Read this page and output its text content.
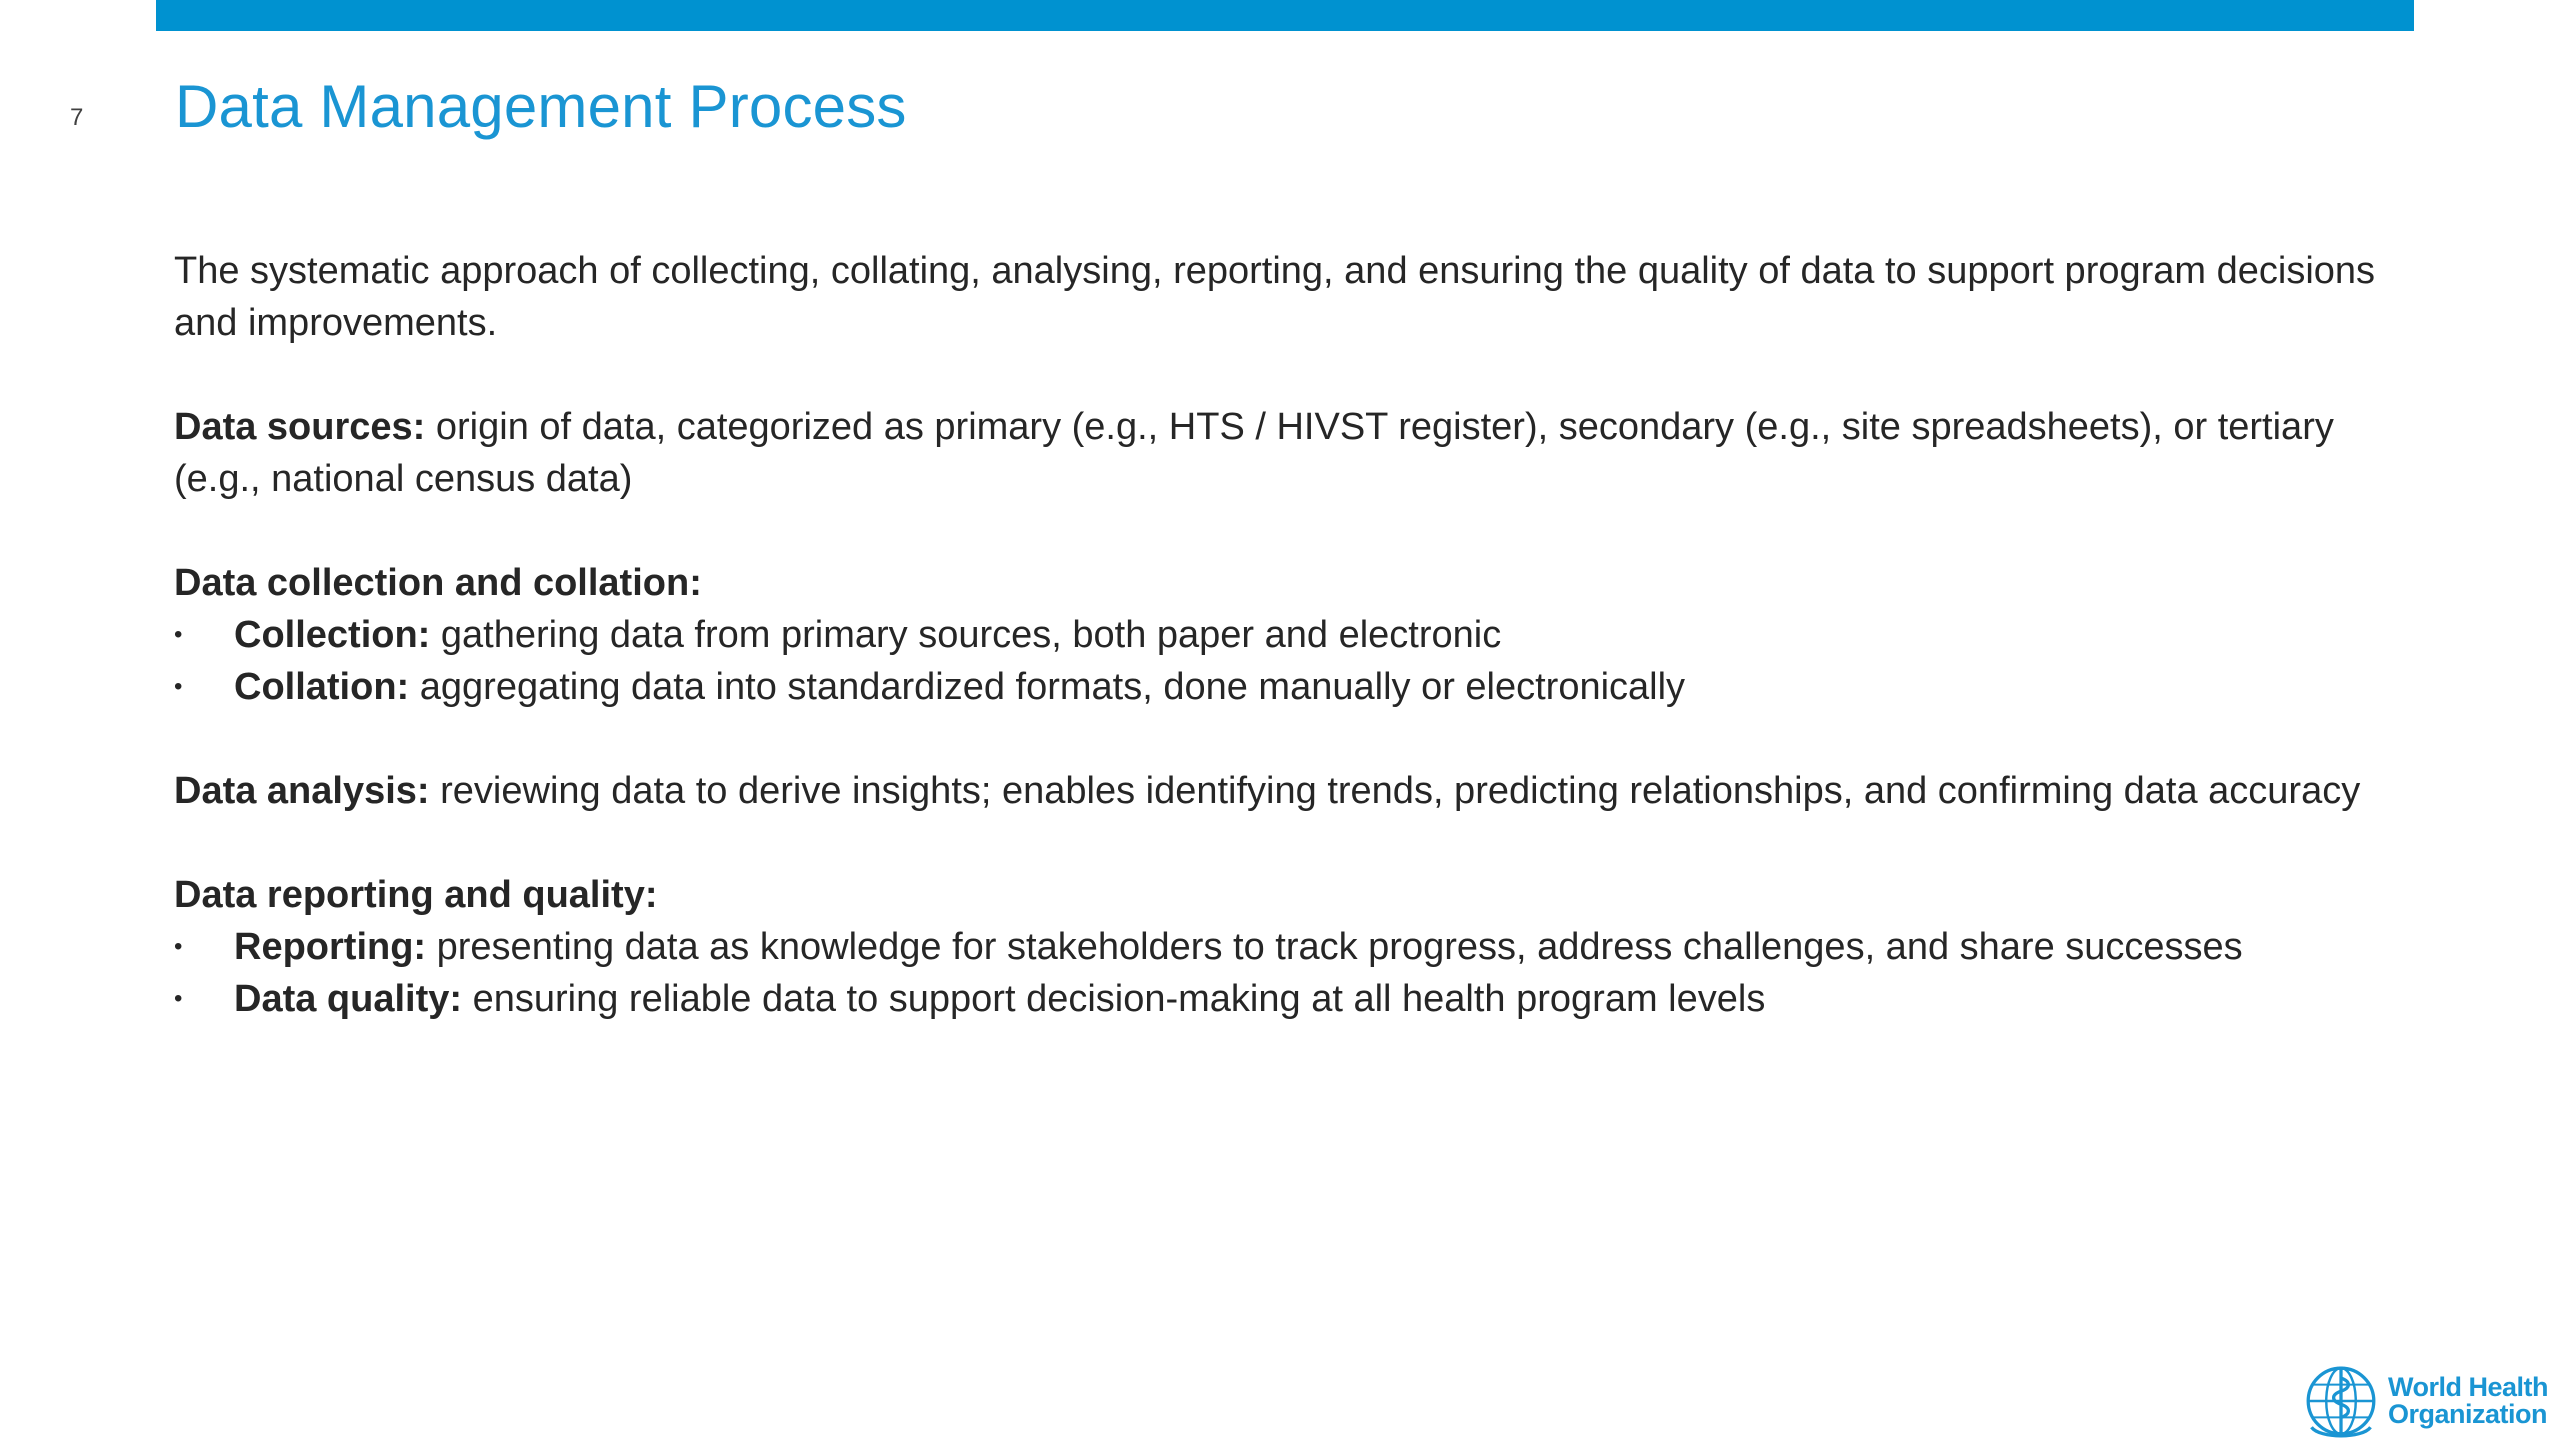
7 Data Management Process

The systematic approach of collecting, collating, analysing, reporting, and ensuring the quality of data to support program decisions and improvements.

Data sources: origin of data, categorized as primary (e.g., HTS / HIVST register), secondary (e.g., site spreadsheets), or tertiary (e.g., national census data)

Data collection and collation:

•	Collection: gathering data from primary sources, both paper and electronic

•	Collation: aggregating data into standardized formats, done manually or electronically

Data analysis: reviewing data to derive insights; enables identifying trends, predicting relationships, and confirming data accuracy

Data reporting and quality:

•	Reporting: presenting data as knowledge for stakeholders to track progress, address challenges, and share successes

•	Data quality: ensuring reliable data to support decision-making at all health program levels

World Health
Organization
